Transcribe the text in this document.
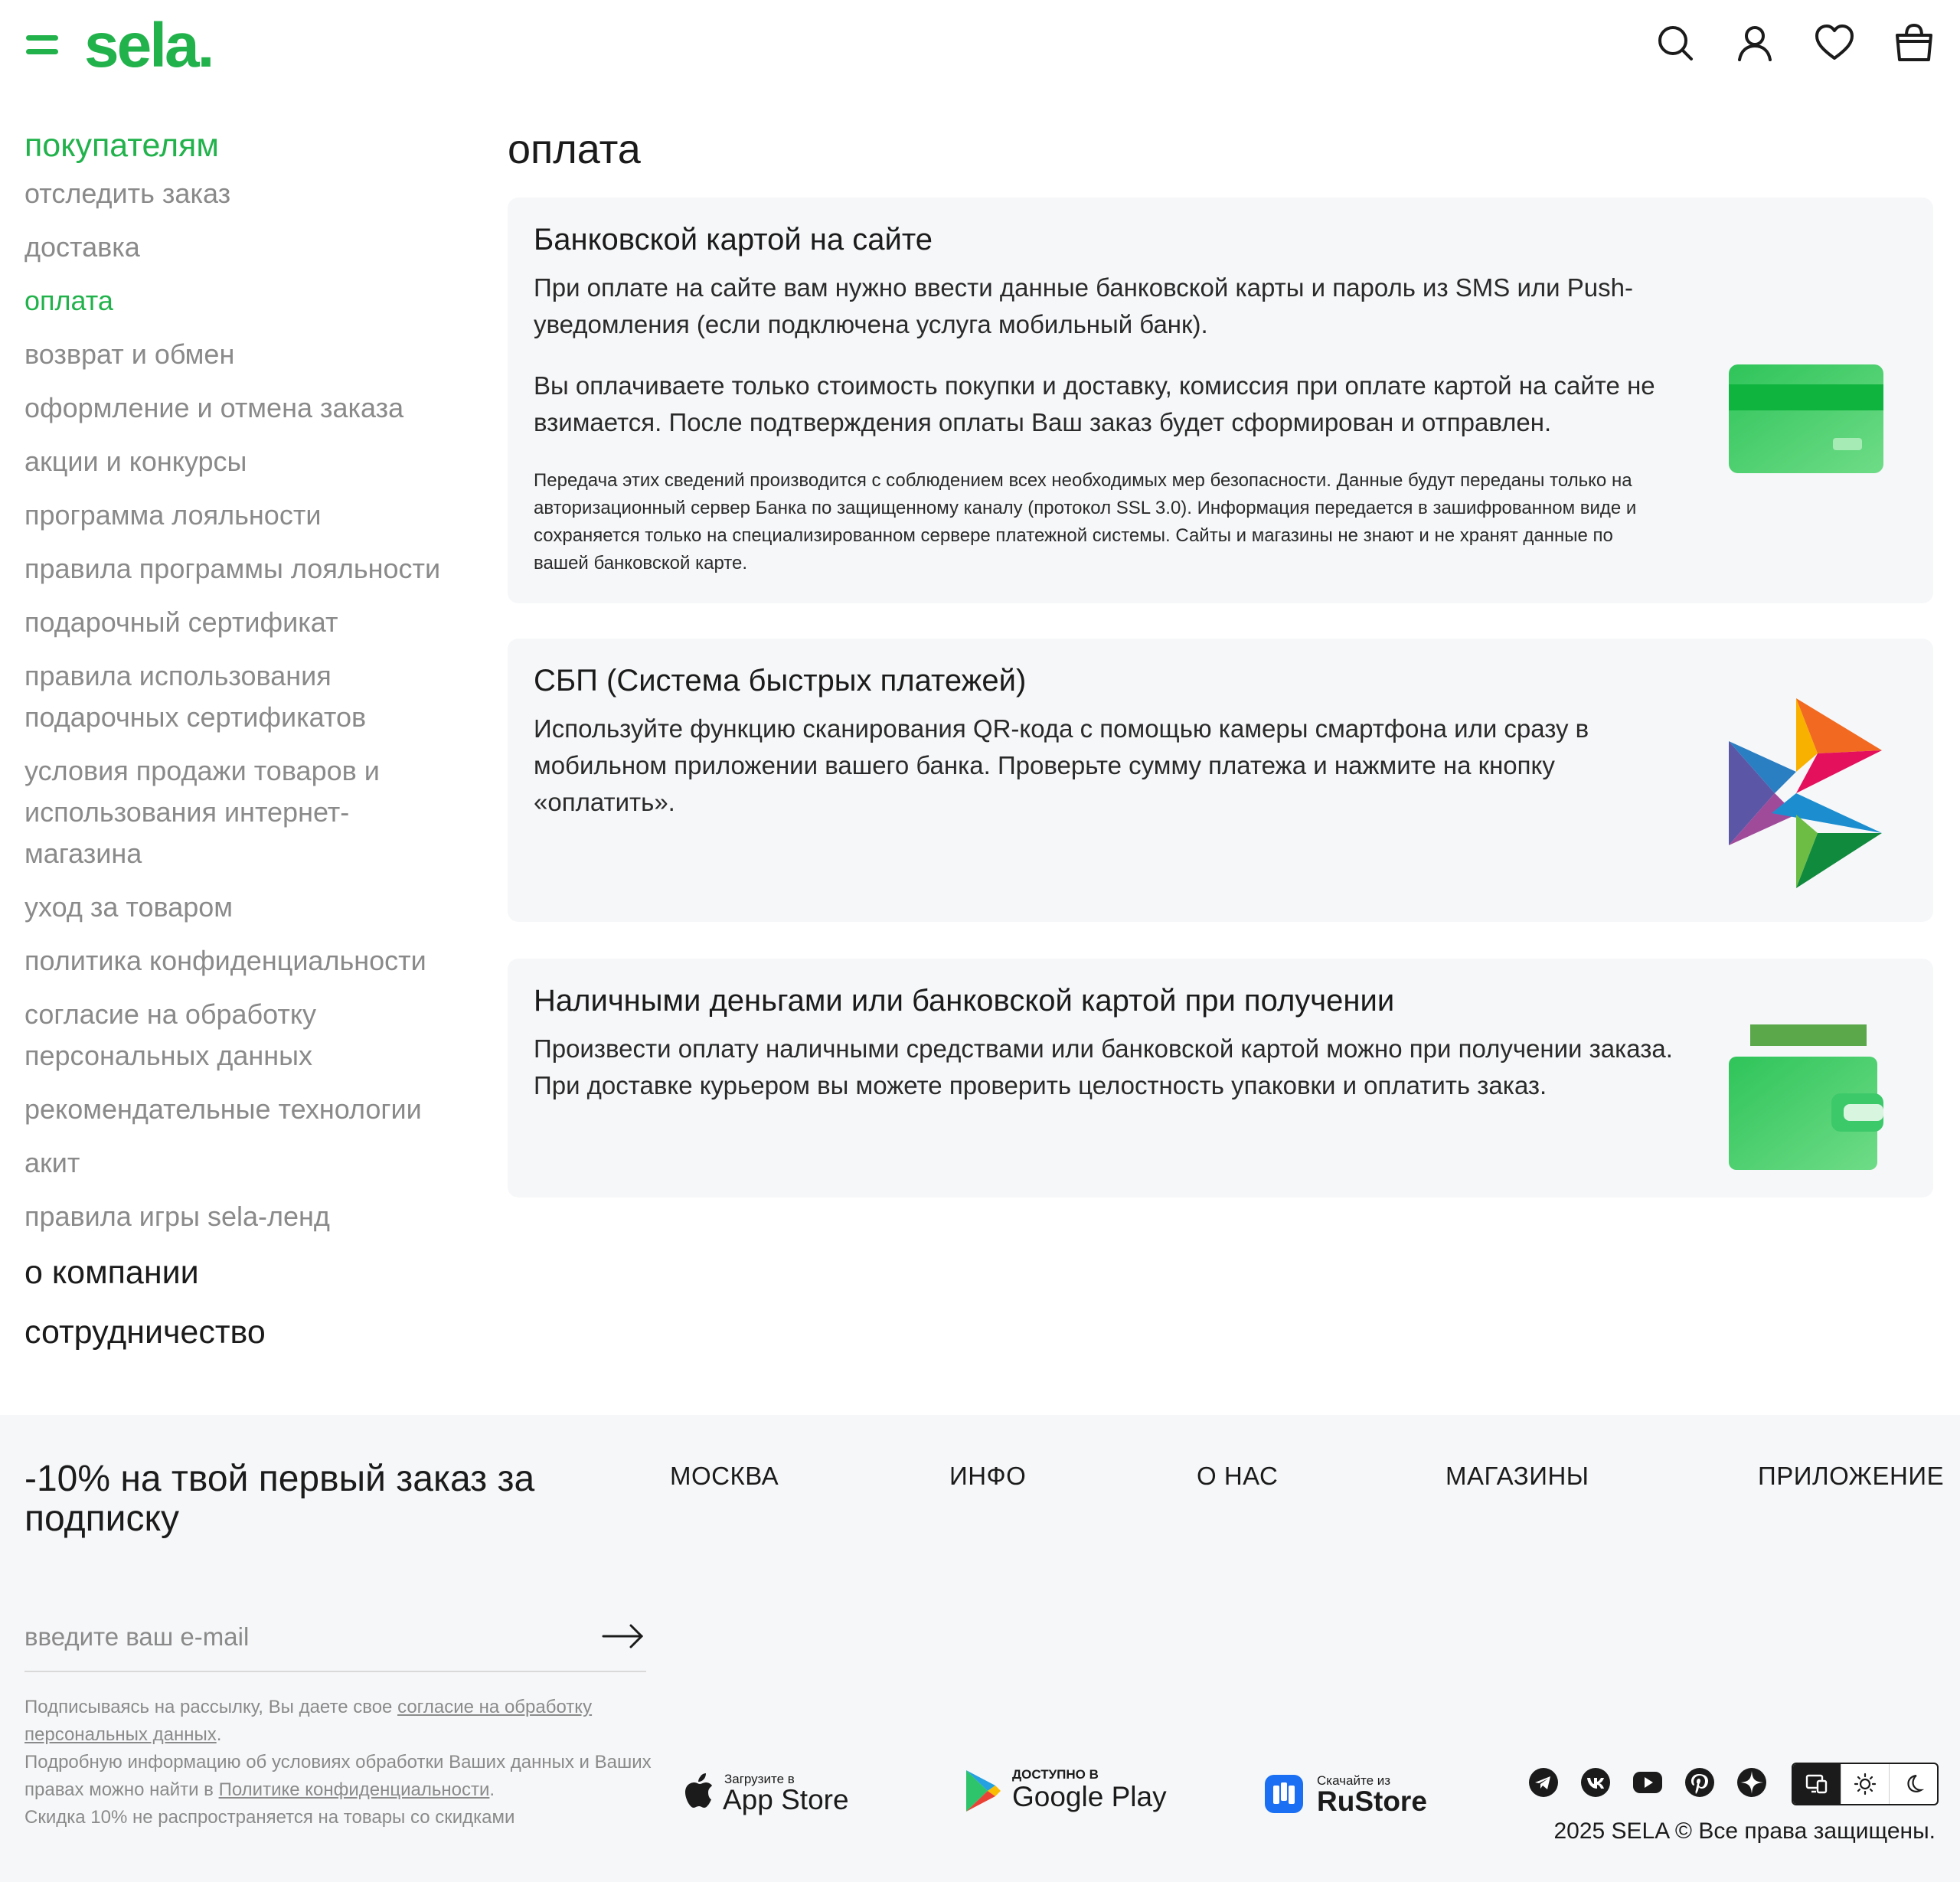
sela.
покупателям
отследить заказ
доставка
оплата
возврат и обмен
оформление и отмена заказа
акции и конкурсы
программа лояльности
правила программы лояльности
подарочный сертификат
правила использования подарочных сертификатов
условия продажи товаров и использования интернет-магазина
уход за товаром
политика конфиденциальности
согласие на обработку персональных данных
рекомендательные технологии
акит
правила игры sela-ленд
о компании
сотрудничество
оплата
Банковской картой на сайте

При оплате на сайте вам нужно ввести данные банковской карты и пароль из SMS или Push-уведомления (если подключена услуга мобильный банк).

Вы оплачиваете только стоимость покупки и доставку, комиссия при оплате картой на сайте не взимается. После подтверждения оплаты Ваш заказ будет сформирован и отправлен.

Передача этих сведений производится с соблюдением всех необходимых мер безопасности. Данные будут переданы только на авторизационный сервер Банка по защищенному каналу (протокол SSL 3.0). Информация передается в зашифрованном виде и сохраняется только на специализированном сервере платежной системы. Сайты и магазины не знают и не хранят данные по вашей банковской карте.

СБП (Система быстрых платежей)

Используйте функцию сканирования QR-кода с помощью камеры смартфона или сразу в мобильном приложении вашего банка. Проверьте сумму платежа и нажмите на кнопку «оплатить».

Наличными деньгами или банковской картой при получении

Произвести оплату наличными средствами или банковской картой можно при получении заказа. При доставке курьером вы можете проверить целостность упаковки и оплатить заказ.

-10% на твой первый заказ за подписку
введите ваш e-mail

Подписываясь на рассылку, Вы даете свое согласие на обработку персональных данных.
Подробную информацию об условиях обработки Ваших данных и Ваших правах можно найти в Политике конфиденциальности.
Скидка 10% не распространяется на товары со скидками

МОСКВА	ИНФО	О НАС	МАГАЗИНЫ	ПРИЛОЖЕНИЕ
Загрузите в
App Store
ДОСТУПНО В
Google Play
Скачайте из
RuStore

2025 SELA © Все права защищены.
